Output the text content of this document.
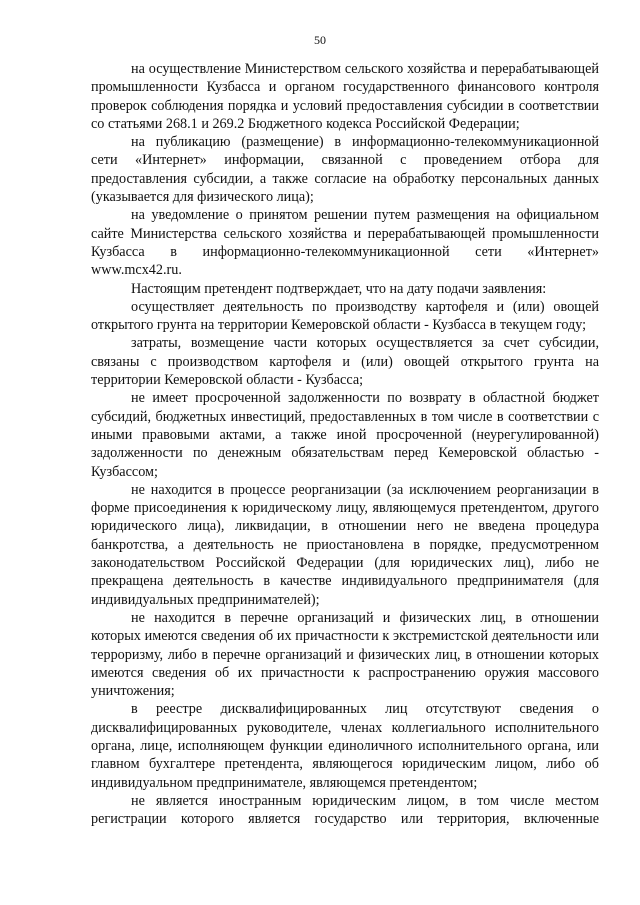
50

на осуществление Министерством сельского хозяйства и перерабатывающей промышленности Кузбасса и органом государственного финансового контроля проверок соблюдения порядка и условий предоставления субсидии в соответствии со статьями 268.1 и 269.2 Бюджетного кодекса Российской Федерации;

на публикацию (размещение) в информационно-телекоммуникационной сети «Интернет» информации, связанной с проведением отбора для предоставления субсидии, а также согласие на обработку персональных данных (указывается для физического лица);

на уведомление о принятом решении путем размещения на официальном сайте Министерства сельского хозяйства и перерабатывающей промышленности Кузбасса в информационно-телекоммуникационной сети «Интернет» www.mcx42.ru.

Настоящим претендент подтверждает, что на дату подачи заявления:

осуществляет деятельность по производству картофеля и (или) овощей открытого грунта на территории Кемеровской области - Кузбасса в текущем году;

затраты, возмещение части которых осуществляется за счет субсидии, связаны с производством картофеля и (или) овощей открытого грунта на территории Кемеровской области - Кузбасса;

не имеет просроченной задолженности по возврату в областной бюджет субсидий, бюджетных инвестиций, предоставленных в том числе в соответствии с иными правовыми актами, а также иной просроченной (неурегулированной) задолженности по денежным обязательствам перед Кемеровской областью - Кузбассом;

не находится в процессе реорганизации (за исключением реорганизации в форме присоединения к юридическому лицу, являющемуся претендентом, другого юридического лица), ликвидации, в отношении него не введена процедура банкротства, а деятельность не приостановлена в порядке, предусмотренном законодательством Российской Федерации (для юридических лиц), либо не прекращена деятельность в качестве индивидуального предпринимателя (для индивидуальных предпринимателей);

не находится в перечне организаций и физических лиц, в отношении которых имеются сведения об их причастности к экстремистской деятельности или терроризму, либо в перечне организаций и физических лиц, в отношении которых имеются сведения об их причастности к распространению оружия массового уничтожения;

в реестре дисквалифицированных лиц отсутствуют сведения о дисквалифицированных руководителе, членах коллегиального исполнительного органа, лице, исполняющем функции единоличного исполнительного органа, или главном бухгалтере претендента, являющегося юридическим лицом, либо об индивидуальном предпринимателе, являющемся претендентом;

не является иностранным юридическим лицом, в том числе местом регистрации которого является государство или территория, включенные
